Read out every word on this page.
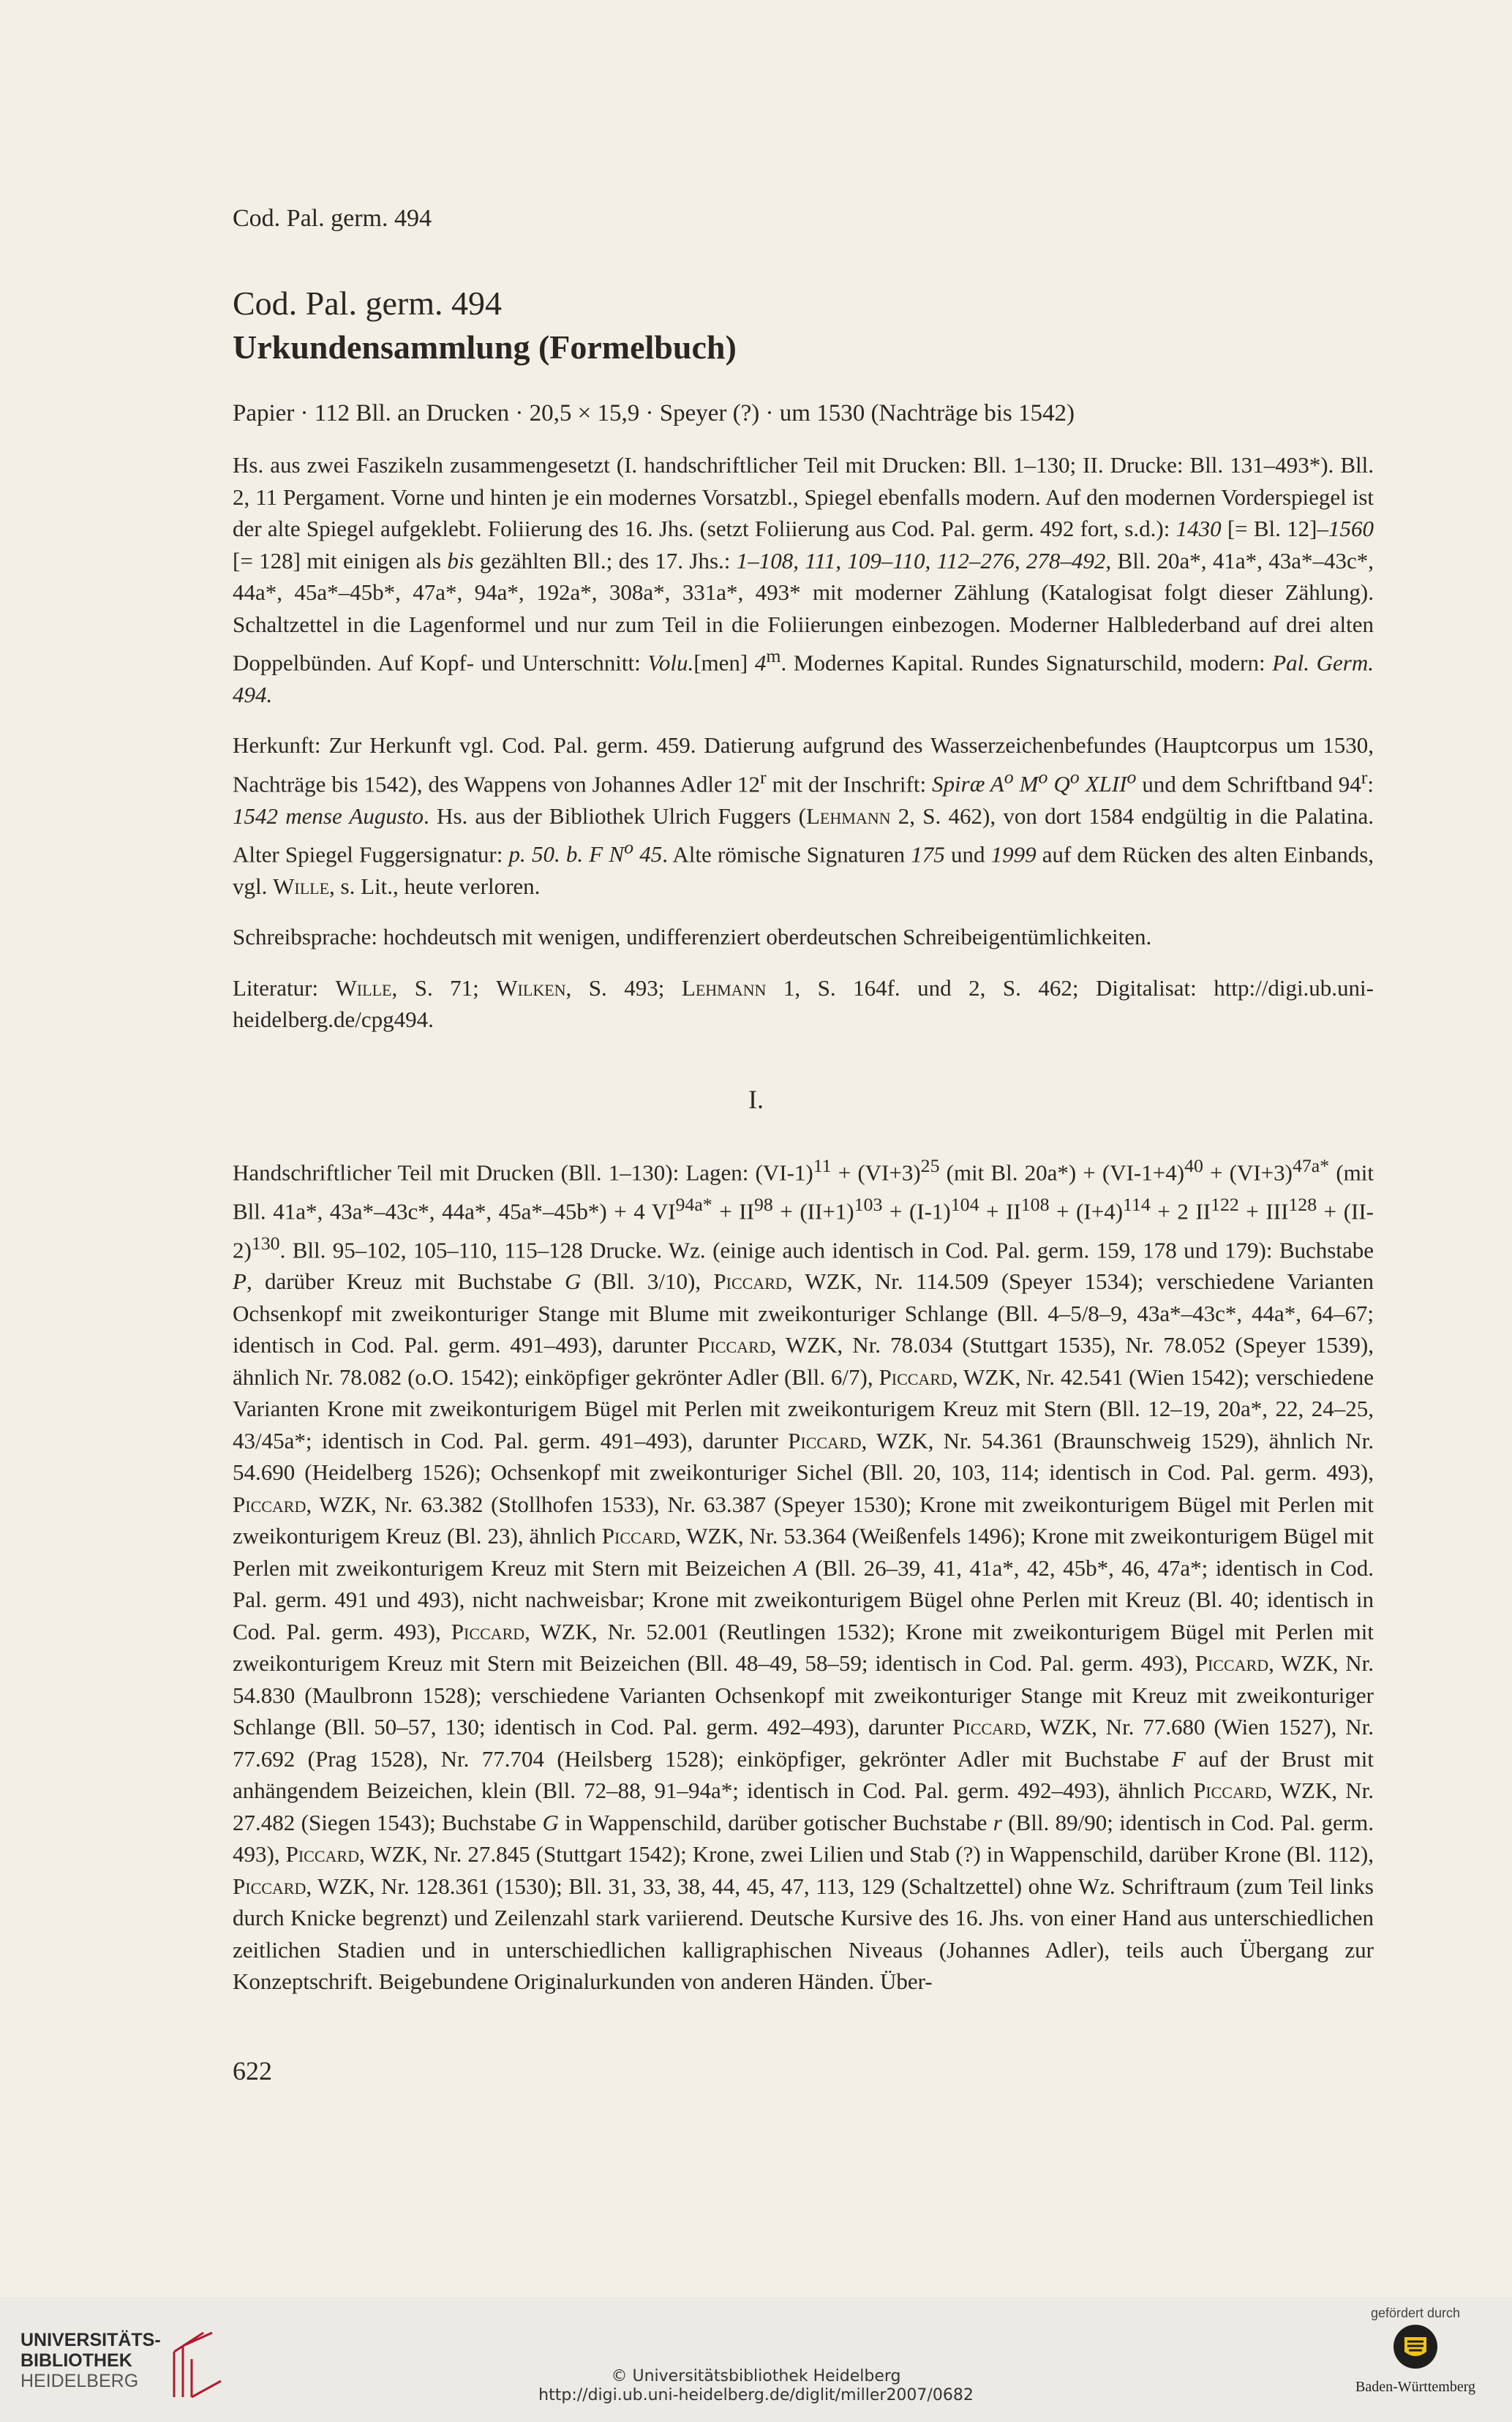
Cod. Pal. germ. 494
Cod. Pal. germ. 494
Urkundensammlung (Formelbuch)
Papier · 112 Bll. an Drucken · 20,5 × 15,9 · Speyer (?) · um 1530 (Nachträge bis 1542)

Hs. aus zwei Faszikeln zusammengesetzt (I. handschriftlicher Teil mit Drucken: Bll. 1–130; II. Drucke: Bll. 131–493*). Bll. 2, 11 Pergament. Vorne und hinten je ein modernes Vorsatzbl., Spiegel ebenfalls modern. Auf den modernen Vorderspiegel ist der alte Spiegel aufgeklebt. Foliierung des 16. Jhs. (setzt Foliierung aus Cod. Pal. germ. 492 fort, s.d.): 1430 [= Bl. 12]–1560 [= 128] mit einigen als bis gezählten Bll.; des 17. Jhs.: 1–108, 111, 109–110, 112–276, 278–492, Bll. 20a*, 41a*, 43a*–43c*, 44a*, 45a*–45b*, 47a*, 94a*, 192a*, 308a*, 331a*, 493* mit moderner Zählung (Katalogisat folgt dieser Zählung). Schaltzettel in die Lagenformel und nur zum Teil in die Foliierungen einbezogen. Moderner Halblederband auf drei alten Doppelbünden. Auf Kopf- und Unterschnitt: Volu.[men] 4$^m$. Modernes Kapital. Rundes Signaturschild, modern: Pal. Germ. 494.

Herkunft: Zur Herkunft vgl. Cod. Pal. germ. 459. Datierung aufgrund des Wasserzeichenbefundes (Hauptcorpus um 1530, Nachträge bis 1542), des Wappens von Johannes Adler 12$^r$ mit der Inschrift: Spiræ $A^o$ $M^o$ $Q^o$ XLII$^o$ und dem Schriftband 94$^r$: 1542 mense Augusto. Hs. aus der Bibliothek Ulrich Fuggers (Lehmann 2, S. 462), von dort 1584 endgültig in die Palatina. Alter Spiegel Fuggersignatur: p. 50. b. F $N^o$ 45. Alte römische Signaturen 175 und 1999 auf dem Rücken des alten Einbands, vgl. Wille, s. Lit., heute verloren.

Schreibsprache: hochdeutsch mit wenigen, undifferenziert oberdeutschen Schreibeigentümlichkeiten.

Literatur: Wille, S. 71; Wilken, S. 493; Lehmann 1, S. 164f. und 2, S. 462; Digitalisat: http://digi.ub.uni-heidelberg.de/cpg494.

I.

Handschriftlicher Teil mit Drucken (Bll. 1–130): Lagen: $(VI-1)^{11} + (VI+3)^{25}$ (mit Bl. $20a*) + (VI-1+4)^{40} + (VI+3)^{47a*}$ (mit Bll. 41a*, 43a*–43c*, 44a*, 45a*–45b*) + 4 $VI^{94a*} + II^{98} + (II+1)^{103} + (I-1)^{104} + II^{108} + (I+4)^{114} + 2$ $II^{122} + III^{128} + (II-2)^{130}$. Bll. 95–102, 105–110, 115–128 Drucke. Wz. (einige auch identisch in Cod. Pal. germ. 159, 178 und 179): Buchstabe P, darüber Kreuz mit Buchstabe G (Bll. 3/10), Piccard, WZK, Nr. 114.509 (Speyer 1534); verschiedene Varianten Ochsenkopf mit zweikonturiger Stange mit Blume mit zweikonturiger Schlange (Bll. 4–5/8–9, 43a*–43c*, 44a*, 64–67; identisch in Cod. Pal. germ. 491–493), darunter Piccard, WZK, Nr. 78.034 (Stuttgart 1535), Nr. 78.052 (Speyer 1539), ähnlich Nr. 78.082 (o.O. 1542); einköpfiger gekrönter Adler (Bll. 6/7), Piccard, WZK, Nr. 42.541 (Wien 1542); verschiedene Varianten Krone mit zweikonturigem Bügel mit Perlen mit zweikonturigem Kreuz mit Stern (Bll. 12–19, 20a*, 22, 24–25, 43/45a*; identisch in Cod. Pal. germ. 491–493), darunter Piccard, WZK, Nr. 54.361 (Braunschweig 1529), ähnlich Nr. 54.690 (Heidelberg 1526); Ochsenkopf mit zweikonturiger Sichel (Bll. 20, 103, 114; identisch in Cod. Pal. germ. 493), Piccard, WZK, Nr. 63.382 (Stollhofen 1533), Nr. 63.387 (Speyer 1530); Krone mit zweikonturigem Bügel mit Perlen mit zweikonturigem Kreuz (Bl. 23), ähnlich Piccard, WZK, Nr. 53.364 (Weißenfels 1496); Krone mit zweikonturigem Bügel mit Perlen mit zweikonturigem Kreuz mit Stern mit Beizeichen A (Bll. 26–39, 41, 41a*, 42, 45b*, 46, 47a*; identisch in Cod. Pal. germ. 491 und 493), nicht nachweisbar; Krone mit zweikonturigem Bügel ohne Perlen mit Kreuz (Bl. 40; identisch in Cod. Pal. germ. 493), Piccard, WZK, Nr. 52.001 (Reutlingen 1532); Krone mit zweikonturigem Bügel mit Perlen mit zweikonturigem Kreuz mit Stern mit Beizeichen (Bll. 48–49, 58–59; identisch in Cod. Pal. germ. 493), Piccard, WZK, Nr. 54.830 (Maulbronn 1528); verschiedene Varianten Ochsenkopf mit zweikonturiger Stange mit Kreuz mit zweikonturiger Schlange (Bll. 50–57, 130; identisch in Cod. Pal. germ. 492–493), darunter Piccard, WZK, Nr. 77.680 (Wien 1527), Nr. 77.692 (Prag 1528), Nr. 77.704 (Heilsberg 1528); einköpfiger, gekrönter Adler mit Buchstabe F auf der Brust mit anhängendem Beizeichen, klein (Bll. 72–88, 91–94a*; identisch in Cod. Pal. germ. 492–493), ähnlich Piccard, WZK, Nr. 27.482 (Siegen 1543); Buchstabe G in Wappenschild, darüber gotischer Buchstabe r (Bll. 89/90; identisch in Cod. Pal. germ. 493), Piccard, WZK, Nr. 27.845 (Stuttgart 1542); Krone, zwei Lilien und Stab (?) in Wappenschild, darüber Krone (Bl. 112), Piccard, WZK, Nr. 128.361 (1530); Bll. 31, 33, 38, 44, 45, 47, 113, 129 (Schaltzettel) ohne Wz. Schriftraum (zum Teil links durch Knicke begrenzt) und Zeilenzahl stark variierend. Deutsche Kursive des 16. Jhs. von einer Hand aus unterschiedlichen zeitlichen Stadien und in unterschiedlichen kalligraphischen Niveaus (Johannes Adler), teils auch Übergang zur Konzeptschrift. Beigebundene Originalurkunden von anderen Händen. Über-

622
UNIVERSITÄTS-
BIBLIOTHEK
HEIDELBERG	© Universitätsbibliothek Heidelberg
http://digi.ub.uni-heidelberg.de/diglit/miller2007/0682
gefördert durch
Baden-Württemberg
